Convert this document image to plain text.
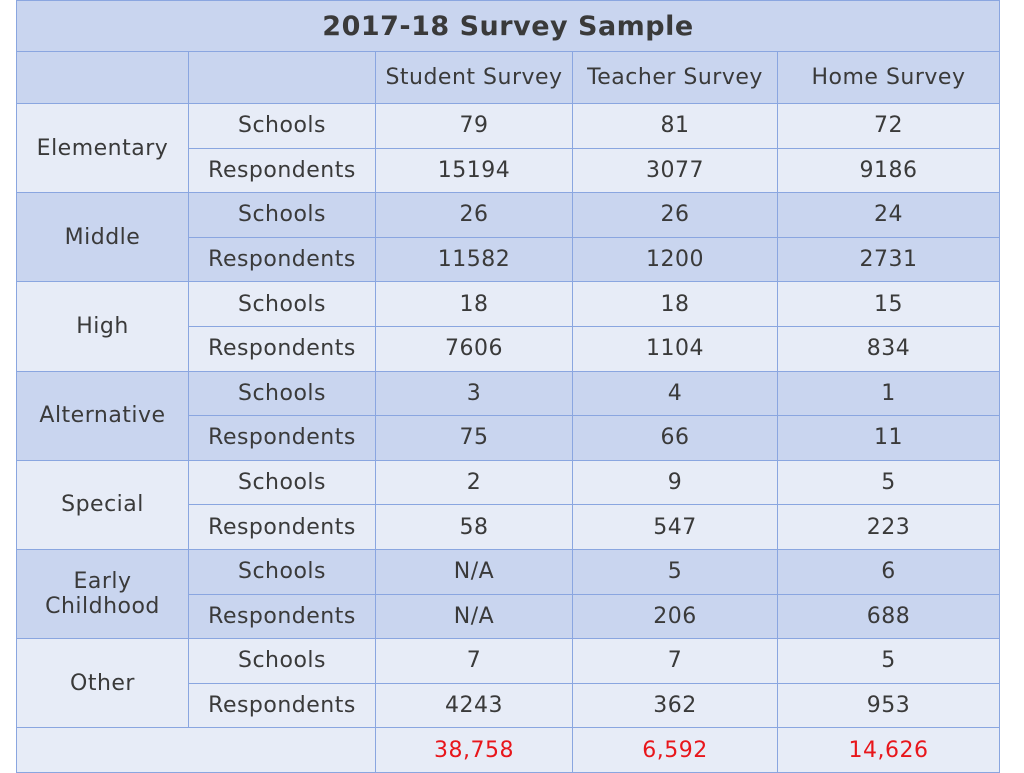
2017-18 Survey Sample				
		Student Survey	Teacher Survey	Home Survey
Elementary	Schools	79	81	72
	Respondents	15194	3077	9186
Middle	Schools	26	26	24
	Respondents	11582	1200	2731
High	Schools	18	18	15
	Respondents	7606	1104	834
Alternative	Schools	3	4	1
	Respondents	75	66	11
Special	Schools	2	9	5
	Respondents	58	547	223
Early Childhood	Schools	N/A	5	6
	Respondents	N/A	206	688
Other	Schools	7	7	5
	Respondents	4243	362	953
		38,758	6,592	14,626
